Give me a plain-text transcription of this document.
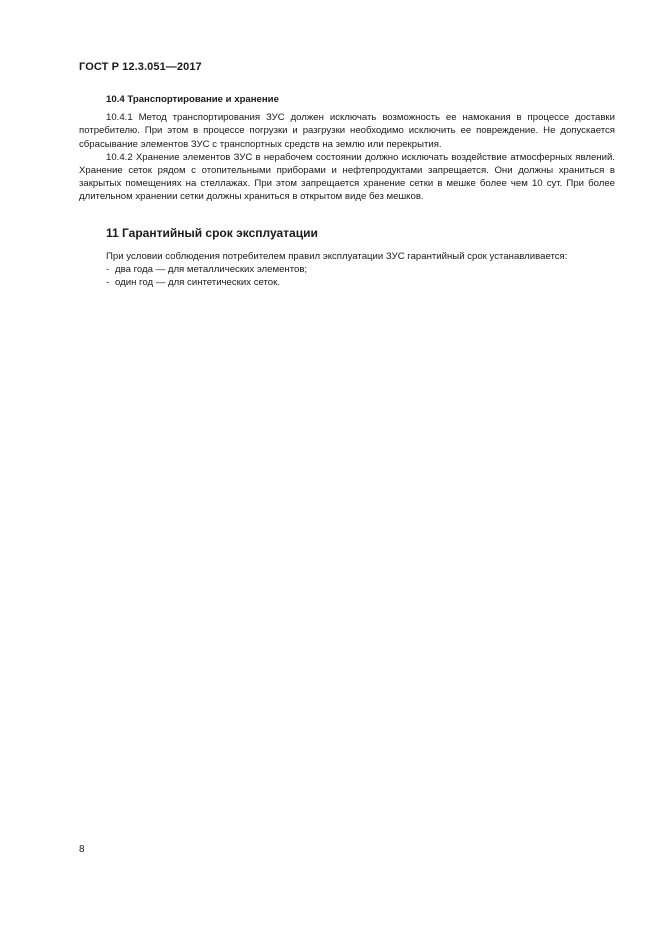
ГОСТ Р 12.3.051—2017
10.4 Транспортирование и хранение

10.4.1 Метод транспортирования ЗУС должен исключать возможность ее намокания в процессе доставки потребителю. При этом в процессе погрузки и разгрузки необходимо исключить ее повреждение. Не допускается сбрасывание элементов ЗУС с транспортных средств на землю или перекрытия.

10.4.2 Хранение элементов ЗУС в нерабочем состоянии должно исключать воздействие атмосферных явлений. Хранение сеток рядом с отопительными приборами и нефтепродуктами запрещается. Они должны храниться в закрытых помещениях на стеллажах. При этом запрещается хранение сетки в мешке более чем 10 сут. При более длительном хранении сетки должны храниться в открытом виде без мешков.

11 Гарантийный срок эксплуатации

При условии соблюдения потребителем правил эксплуатации ЗУС гарантийный срок устанавливается:

- два года — для металлических элементов;
- один год — для синтетических сеток.
8
